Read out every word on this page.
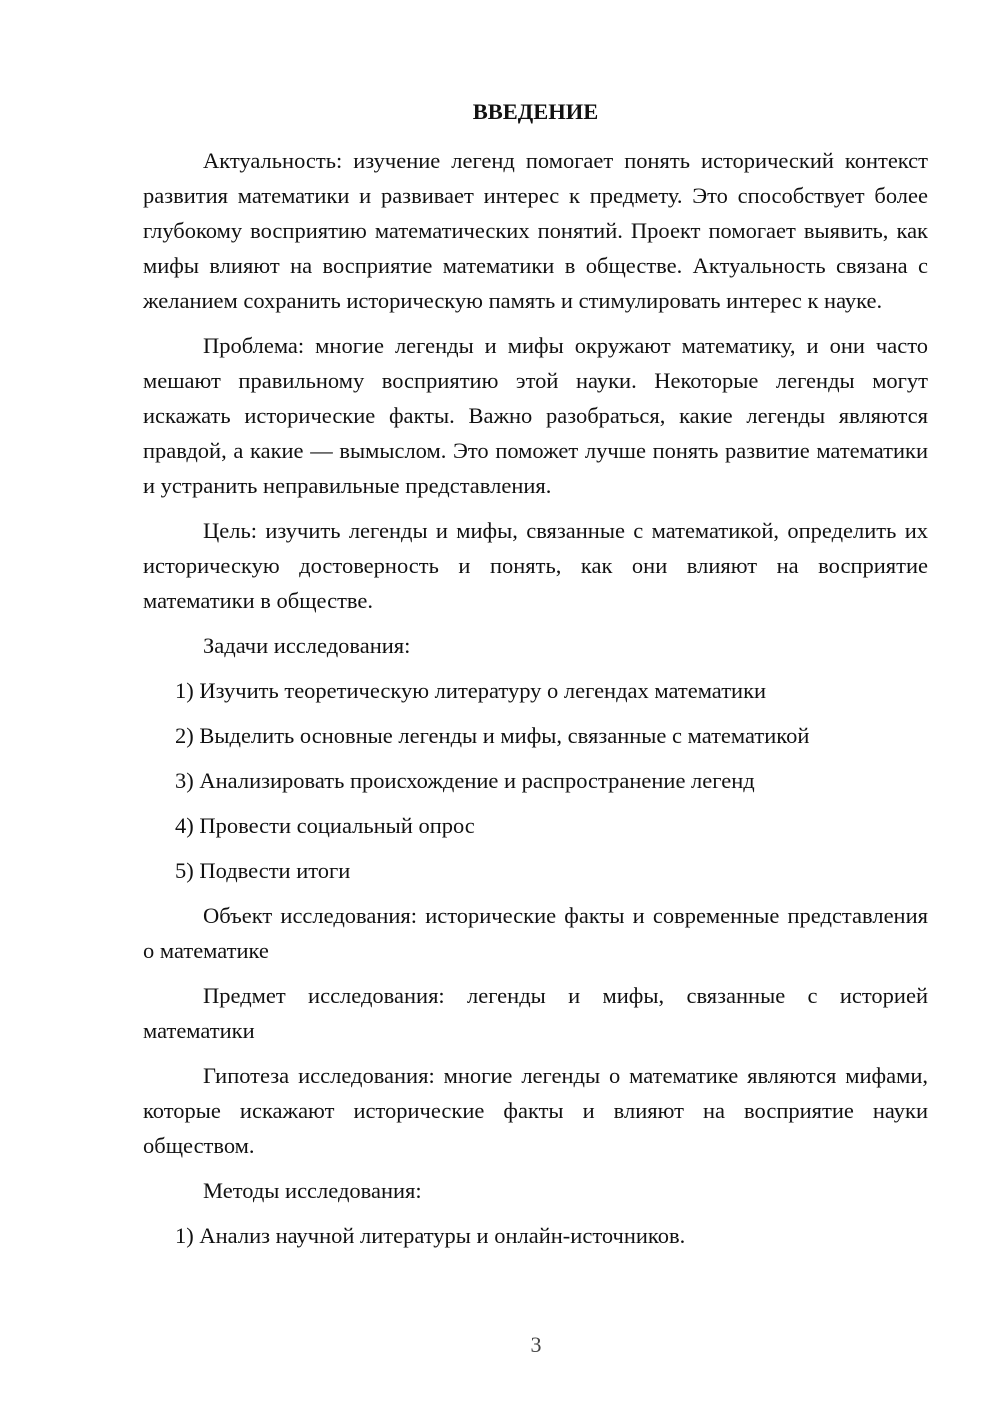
ВВЕДЕНИЕ

Актуальность: изучение легенд помогает понять исторический контекст развития математики и развивает интерес к предмету. Это способствует более глубокому восприятию математических понятий. Проект помогает выявить, как мифы влияют на восприятие математики в обществе. Актуальность связана с желанием сохранить историческую память и стимулировать интерес к науке.

Проблема: многие легенды и мифы окружают математику, и они часто мешают правильному восприятию этой науки. Некоторые легенды могут искажать исторические факты. Важно разобраться, какие легенды являются правдой, а какие — вымыслом. Это поможет лучше понять развитие математики и устранить неправильные представления.

Цель: изучить легенды и мифы, связанные с математикой, определить их историческую достоверность и понять, как они влияют на восприятие математики в обществе.

Задачи исследования:

1) Изучить теоретическую литературу о легендах математики

2) Выделить основные легенды и мифы, связанные с математикой

3) Анализировать происхождение и распространение легенд

4) Провести социальный опрос

5) Подвести итоги

Объект исследования: исторические факты и современные представления о математике

Предмет исследования: легенды и мифы, связанные с историей математики

Гипотеза исследования: многие легенды о математике являются мифами, которые искажают исторические факты и влияют на восприятие науки обществом.

Методы исследования:

1) Анализ научной литературы и онлайн-источников.

3
